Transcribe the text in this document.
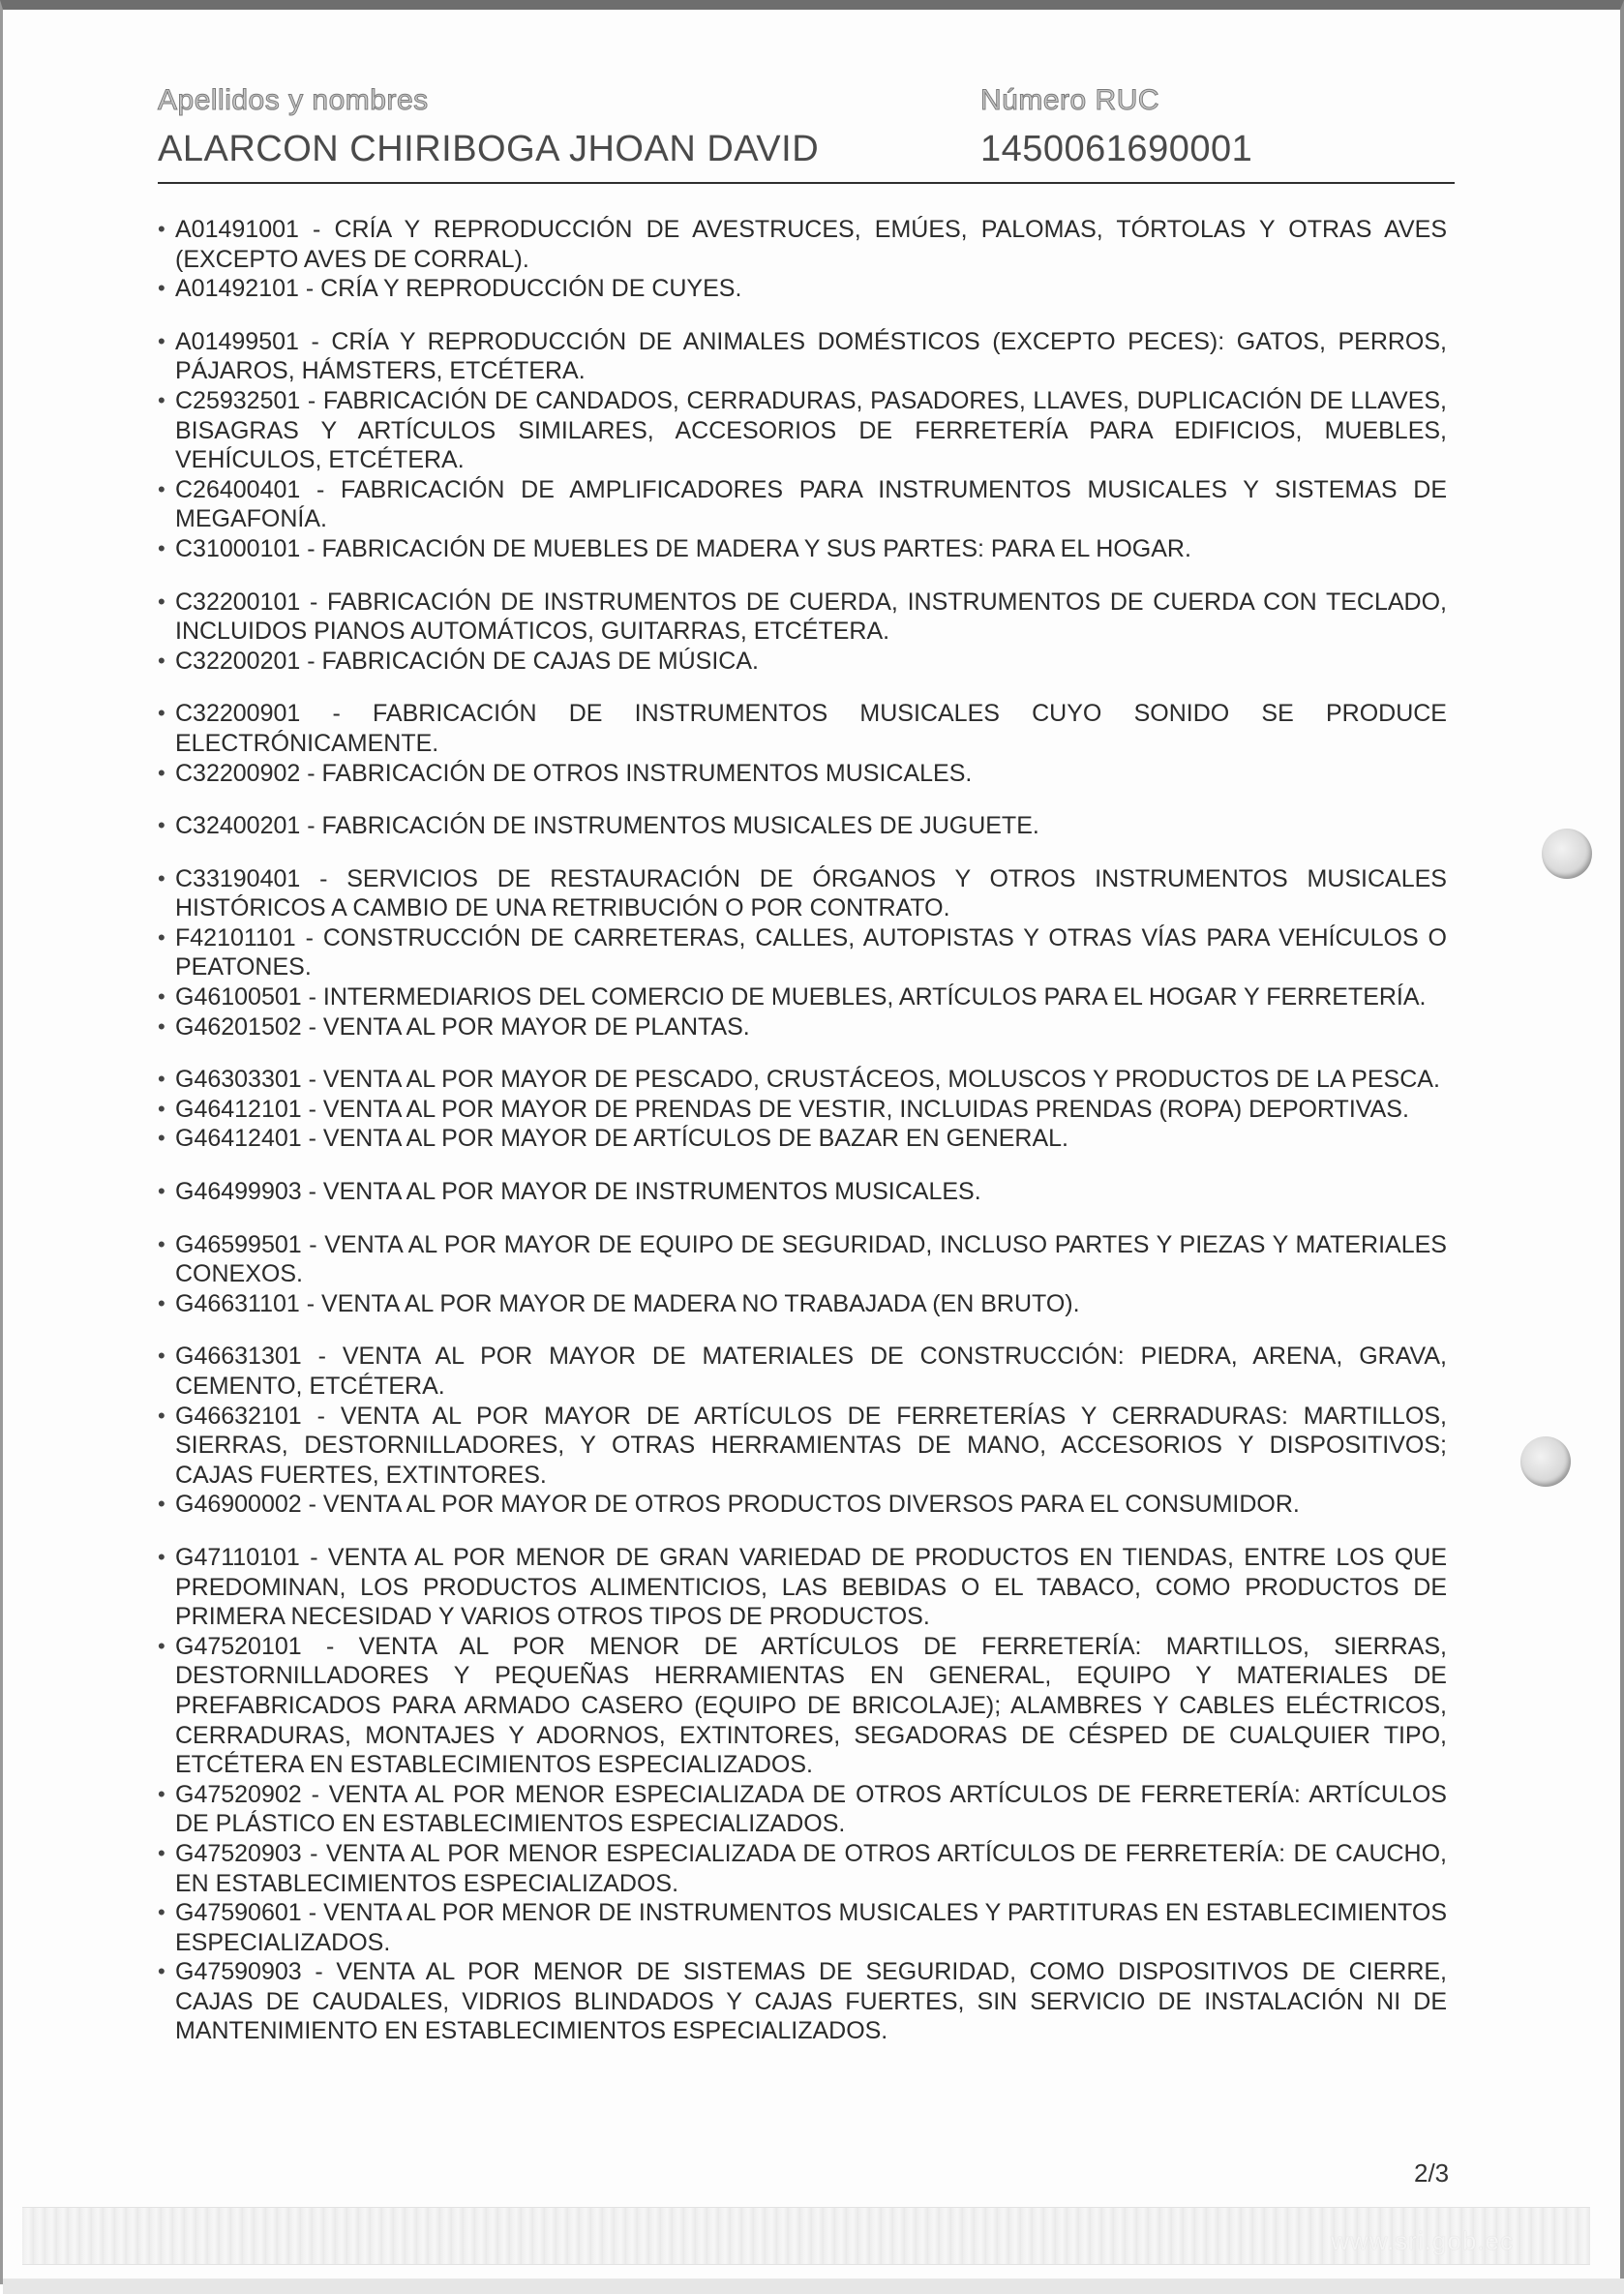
Apellidos y nombres
ALARCON CHIRIBOGA JHOAN DAVID
Número RUC
1450061690001
• A01491001 - CRÍA Y REPRODUCCIÓN DE AVESTRUCES, EMÚES, PALOMAS, TÓRTOLAS Y OTRAS AVES (EXCEPTO AVES DE CORRAL).
• A01492101 - CRÍA Y REPRODUCCIÓN DE CUYES.
• A01499501 - CRÍA Y REPRODUCCIÓN DE ANIMALES DOMÉSTICOS (EXCEPTO PECES): GATOS, PERROS, PÁJAROS, HÁMSTERS, ETCÉTERA.
• C25932501 - FABRICACIÓN DE CANDADOS, CERRADURAS, PASADORES, LLAVES, DUPLICACIÓN DE LLAVES, BISAGRAS Y ARTÍCULOS SIMILARES, ACCESORIOS DE FERRETERÍA PARA EDIFICIOS, MUEBLES, VEHÍCULOS, ETCÉTERA.
• C26400401 - FABRICACIÓN DE AMPLIFICADORES PARA INSTRUMENTOS MUSICALES Y SISTEMAS DE MEGAFONÍA.
• C31000101 - FABRICACIÓN DE MUEBLES DE MADERA Y SUS PARTES: PARA EL HOGAR.
• C32200101 - FABRICACIÓN DE INSTRUMENTOS DE CUERDA, INSTRUMENTOS DE CUERDA CON TECLADO, INCLUIDOS PIANOS AUTOMÁTICOS, GUITARRAS, ETCÉTERA.
• C32200201 - FABRICACIÓN DE CAJAS DE MÚSICA.
• C32200901 - FABRICACIÓN DE INSTRUMENTOS MUSICALES CUYO SONIDO SE PRODUCE ELECTRÓNICAMENTE.
• C32200902 - FABRICACIÓN DE OTROS INSTRUMENTOS MUSICALES.
• C32400201 - FABRICACIÓN DE INSTRUMENTOS MUSICALES DE JUGUETE.
• C33190401 - SERVICIOS DE RESTAURACIÓN DE ÓRGANOS Y OTROS INSTRUMENTOS MUSICALES HISTÓRICOS A CAMBIO DE UNA RETRIBUCIÓN O POR CONTRATO.
• F42101101 - CONSTRUCCIÓN DE CARRETERAS, CALLES, AUTOPISTAS Y OTRAS VÍAS PARA VEHÍCULOS O PEATONES.
• G46100501 - INTERMEDIARIOS DEL COMERCIO DE MUEBLES, ARTÍCULOS PARA EL HOGAR Y FERRETERÍA.
• G46201502 - VENTA AL POR MAYOR DE PLANTAS.
• G46303301 - VENTA AL POR MAYOR DE PESCADO, CRUSTÁCEOS, MOLUSCOS Y PRODUCTOS DE LA PESCA.
• G46412101 - VENTA AL POR MAYOR DE PRENDAS DE VESTIR, INCLUIDAS PRENDAS (ROPA) DEPORTIVAS.
• G46412401 - VENTA AL POR MAYOR DE ARTÍCULOS DE BAZAR EN GENERAL.
• G46499903 - VENTA AL POR MAYOR DE INSTRUMENTOS MUSICALES.
• G46599501 - VENTA AL POR MAYOR DE EQUIPO DE SEGURIDAD, INCLUSO PARTES Y PIEZAS Y MATERIALES CONEXOS.
• G46631101 - VENTA AL POR MAYOR DE MADERA NO TRABAJADA (EN BRUTO).
• G46631301 - VENTA AL POR MAYOR DE MATERIALES DE CONSTRUCCIÓN: PIEDRA, ARENA, GRAVA, CEMENTO, ETCÉTERA.
• G46632101 - VENTA AL POR MAYOR DE ARTÍCULOS DE FERRETERÍAS Y CERRADURAS: MARTILLOS, SIERRAS, DESTORNILLADORES, Y OTRAS HERRAMIENTAS DE MANO, ACCESORIOS Y DISPOSITIVOS; CAJAS FUERTES, EXTINTORES.
• G46900002 - VENTA AL POR MAYOR DE OTROS PRODUCTOS DIVERSOS PARA EL CONSUMIDOR.
• G47110101 - VENTA AL POR MENOR DE GRAN VARIEDAD DE PRODUCTOS EN TIENDAS, ENTRE LOS QUE PREDOMINAN, LOS PRODUCTOS ALIMENTICIOS, LAS BEBIDAS O EL TABACO, COMO PRODUCTOS DE PRIMERA NECESIDAD Y VARIOS OTROS TIPOS DE PRODUCTOS.
• G47520101 - VENTA AL POR MENOR DE ARTÍCULOS DE FERRETERÍA: MARTILLOS, SIERRAS, DESTORNILLADORES Y PEQUEÑAS HERRAMIENTAS EN GENERAL, EQUIPO Y MATERIALES DE PREFABRICADOS PARA ARMADO CASERO (EQUIPO DE BRICOLAJE); ALAMBRES Y CABLES ELÉCTRICOS, CERRADURAS, MONTAJES Y ADORNOS, EXTINTORES, SEGADORAS DE CÉSPED DE CUALQUIER TIPO, ETCÉTERA EN ESTABLECIMIENTOS ESPECIALIZADOS.
• G47520902 - VENTA AL POR MENOR ESPECIALIZADA DE OTROS ARTÍCULOS DE FERRETERÍA: ARTÍCULOS DE PLÁSTICO EN ESTABLECIMIENTOS ESPECIALIZADOS.
• G47520903 - VENTA AL POR MENOR ESPECIALIZADA DE OTROS ARTÍCULOS DE FERRETERÍA: DE CAUCHO, EN ESTABLECIMIENTOS ESPECIALIZADOS.
• G47590601 - VENTA AL POR MENOR DE INSTRUMENTOS MUSICALES Y PARTITURAS EN ESTABLECIMIENTOS ESPECIALIZADOS.
• G47590903 - VENTA AL POR MENOR DE SISTEMAS DE SEGURIDAD, COMO DISPOSITIVOS DE CIERRE, CAJAS DE CAUDALES, VIDRIOS BLINDADOS Y CAJAS FUERTES, SIN SERVICIO DE INSTALACIÓN NI DE MANTENIMIENTO EN ESTABLECIMIENTOS ESPECIALIZADOS.
2/3
www.sri.gob.ec
